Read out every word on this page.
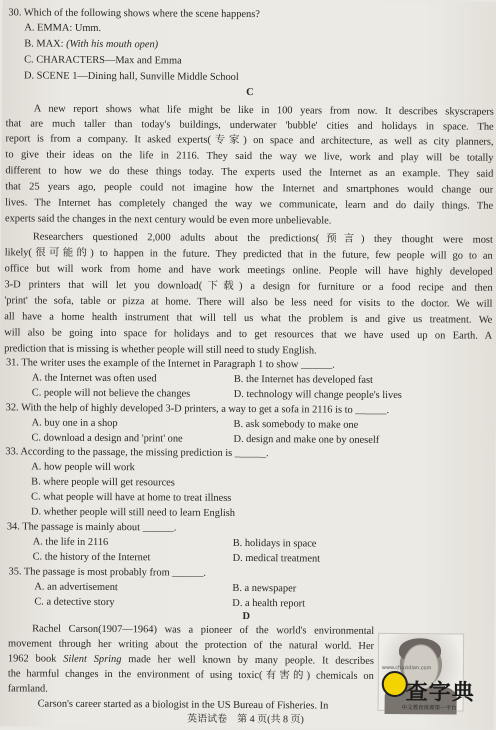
30. Which of the following shows where the scene happens?
A. EMMA: Umm.
B. MAX: (With his mouth open)
C. CHARACTERS—Max and Emma
D. SCENE 1—Dining hall, Sunville Middle School
C
A new report shows what life might be like in 100 years from now. It describes skyscrapers
that are much taller than today's buildings, underwater 'bubble' cities and holidays in space. The
report is from a company. It asked experts(专家) on space and architecture, as well as city planners,
to give their ideas on the life in 2116. They said the way we live, work and play will be totally
different to how we do these things today. The experts used the Internet as an example. They said
that 25 years ago, people could not imagine how the Internet and smartphones would change our
lives. The Internet has completely changed the way we communicate, learn and do daily things. The
experts said the changes in the next century would be even more unbelievable.
Researchers questioned 2,000 adults about the predictions(预言) they thought were most
likely(很可能的) to happen in the future. They predicted that in the future, few people will go to an
office but will work from home and have work meetings online. People will have highly developed
3-D printers that will let you download(下载) a design for furniture or a food recipe and then
'print' the sofa, table or pizza at home. There will also be less need for visits to the doctor. We will
all have a home health instrument that will tell us what the problem is and give us treatment. We
will also be going into space for holidays and to get resources that we have used up on Earth. A
prediction that is missing is whether people will still need to study English.
31. The writer uses the example of the Internet in Paragraph 1 to show ______.
A. the Internet was often used	B. the Internet has developed fast
C. people will not believe the changes	D. technology will change people's lives
32. With the help of highly developed 3-D printers, a way to get a sofa in 2116 is to ______.
A. buy one in a shop	B. ask somebody to make one
C. download a design and 'print' one	D. design and make one by oneself
33. According to the passage, the missing prediction is ______.
A. how people will work
B. where people will get resources
C. what people will have at home to treat illness
D. whether people will still need to learn English
34. The passage is mainly about ______.
A. the life in 2116	B. holidays in space
C. the history of the Internet	D. medical treatment
35. The passage is most probably from ______.
A. an advertisement	B. a newspaper
C. a detective story	D. a health report
D
Rachel Carson(1907—1964) was a pioneer of the world's environmental
movement through her writing about the protection of the natural world. Her
1962 book Silent Spring made her well known by many people. It describes
the harmful changes in the environment of using toxic(有害的) chemicals on
farmland.
Carson's career started as a biologist in the US Bureau of Fisheries. In
英语试卷　第 4 页(共 8 页)
www.chazidian.com
查字典
中文教育资源第一平台
